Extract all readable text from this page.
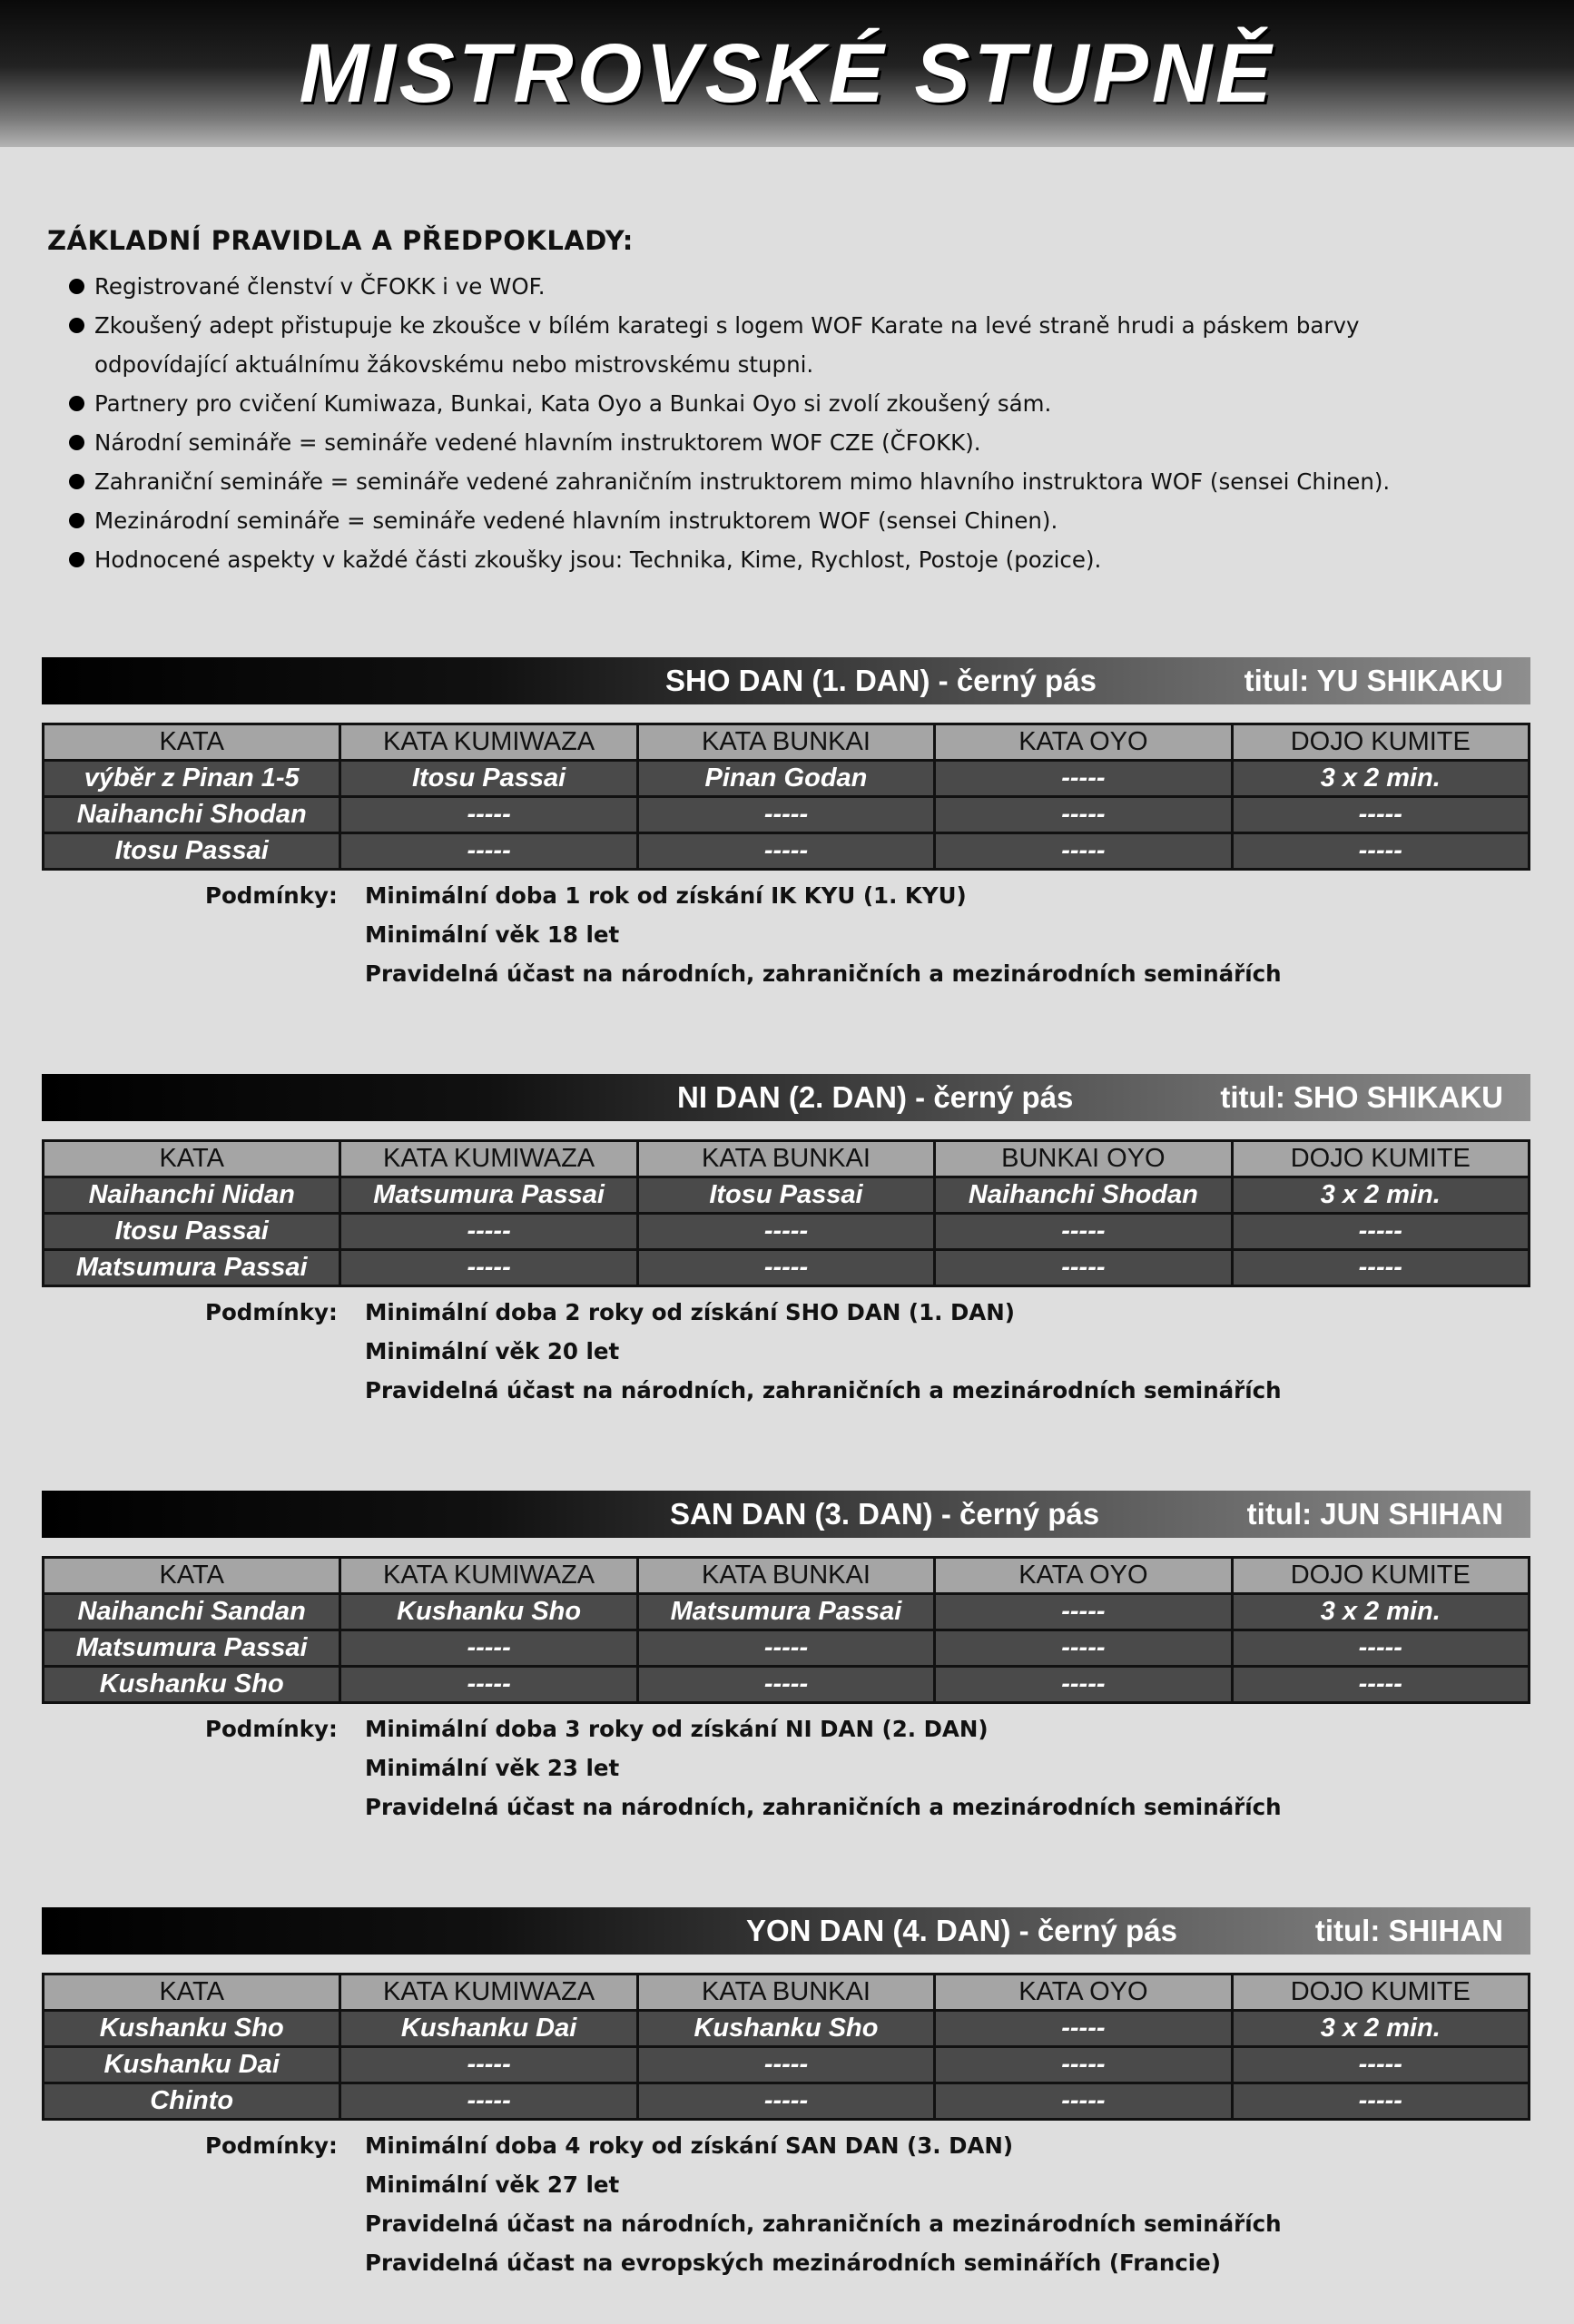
MISTROVSKÉ STUPNĚ
ZÁKLADNÍ PRAVIDLA A PŘEDPOKLADY:
Registrované členství v ČFOKK i ve WOF.
Zkoušený adept přistupuje ke zkoušce v bílém karategi s logem WOF Karate na levé straně hrudi a páskem barvy
odpovídající aktuálnímu žákovskému nebo mistrovskému stupni.
Partnery pro cvičení Kumiwaza, Bunkai, Kata Oyo a Bunkai Oyo si zvolí zkoušený sám.
Národní semináře = semináře vedené hlavním instruktorem WOF CZE (ČFOKK).
Zahraniční semináře = semináře vedené zahraničním instruktorem mimo hlavního instruktora WOF (sensei Chinen).
Mezinárodní semináře = semináře vedené hlavním instruktorem WOF (sensei Chinen).
Hodnocené aspekty v každé části zkoušky jsou: Technika, Kime, Rychlost, Postoje (pozice).
SHO DAN (1. DAN) - černý pás	titul: YU SHIKAKU
KATA	KATA KUMIWAZA	KATA BUNKAI	KATA OYO	DOJO KUMITE
výběr z Pinan 1-5	Itosu Passai	Pinan Godan	-----	3 x 2 min.
Naihanchi Shodan	-----	-----	-----	-----
Itosu Passai	-----	-----	-----	-----
Podmínky: Minimální doba 1 rok od získání IK KYU (1. KYU)
Minimální věk 18 let
Pravidelná účast na národních, zahraničních a mezinárodních seminářích
NI DAN (2. DAN) - černý pás	titul: SHO SHIKAKU
KATA	KATA KUMIWAZA	KATA BUNKAI	BUNKAI OYO	DOJO KUMITE
Naihanchi Nidan	Matsumura Passai	Itosu Passai	Naihanchi Shodan	3 x 2 min.
Itosu Passai	-----	-----	-----	-----
Matsumura Passai	-----	-----	-----	-----
Podmínky: Minimální doba 2 roky od získání SHO DAN (1. DAN)
Minimální věk 20 let
Pravidelná účast na národních, zahraničních a mezinárodních seminářích
SAN DAN (3. DAN) - černý pás	titul: JUN SHIHAN
KATA	KATA KUMIWAZA	KATA BUNKAI	KATA OYO	DOJO KUMITE
Naihanchi Sandan	Kushanku Sho	Matsumura Passai	-----	3 x 2 min.
Matsumura Passai	-----	-----	-----	-----
Kushanku Sho	-----	-----	-----	-----
Podmínky: Minimální doba 3 roky od získání NI DAN (2. DAN)
Minimální věk 23 let
Pravidelná účast na národních, zahraničních a mezinárodních seminářích
YON DAN (4. DAN) - černý pás	titul: SHIHAN
KATA	KATA KUMIWAZA	KATA BUNKAI	KATA OYO	DOJO KUMITE
Kushanku Sho	Kushanku Dai	Kushanku Sho	-----	3 x 2 min.
Kushanku Dai	-----	-----	-----	-----
Chinto	-----	-----	-----	-----
Podmínky: Minimální doba 4 roky od získání SAN DAN (3. DAN)
Minimální věk 27 let
Pravidelná účast na národních, zahraničních a mezinárodních seminářích
Pravidelná účast na evropských mezinárodních seminářích (Francie)
